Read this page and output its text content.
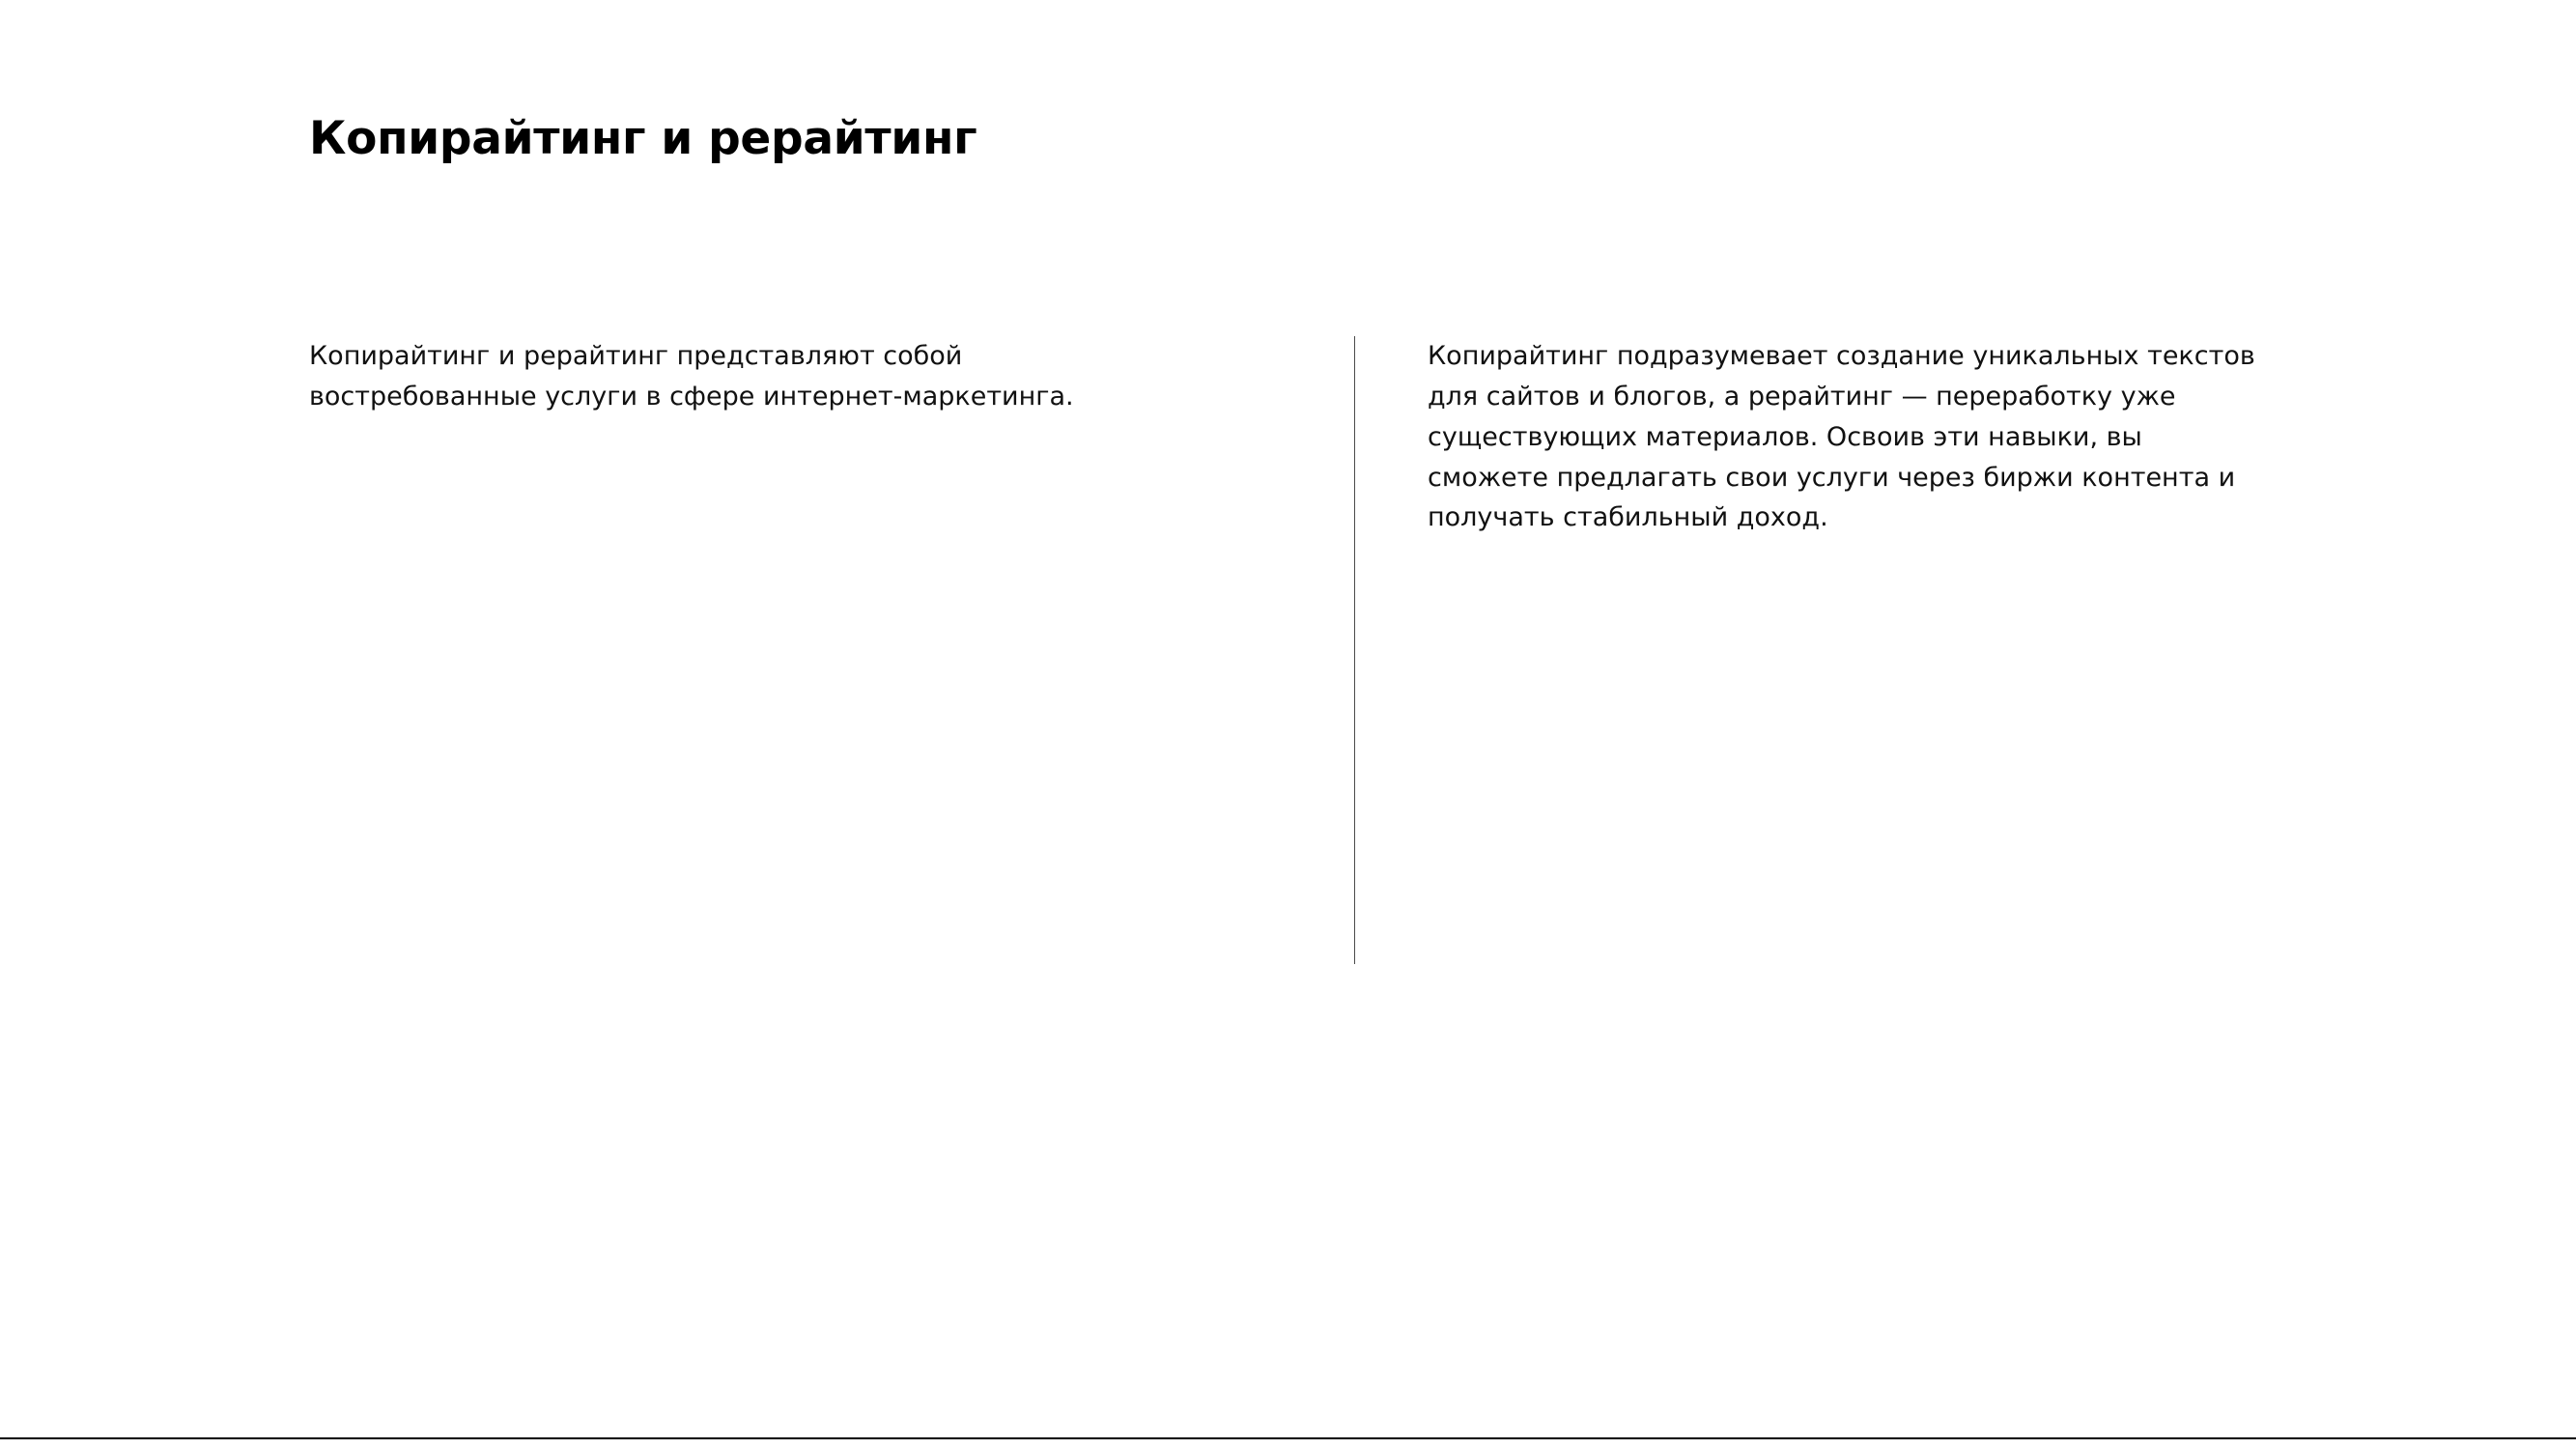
Копирайтинг и рерайтинг

Копирайтинг и рерайтинг представляют собой востребованные услуги в сфере интернет-маркетинга.

Копирайтинг подразумевает создание уникальных текстов для сайтов и блогов, а рерайтинг — переработку уже существующих материалов. Освоив эти навыки, вы сможете предлагать свои услуги через биржи контента и получать стабильный доход.
